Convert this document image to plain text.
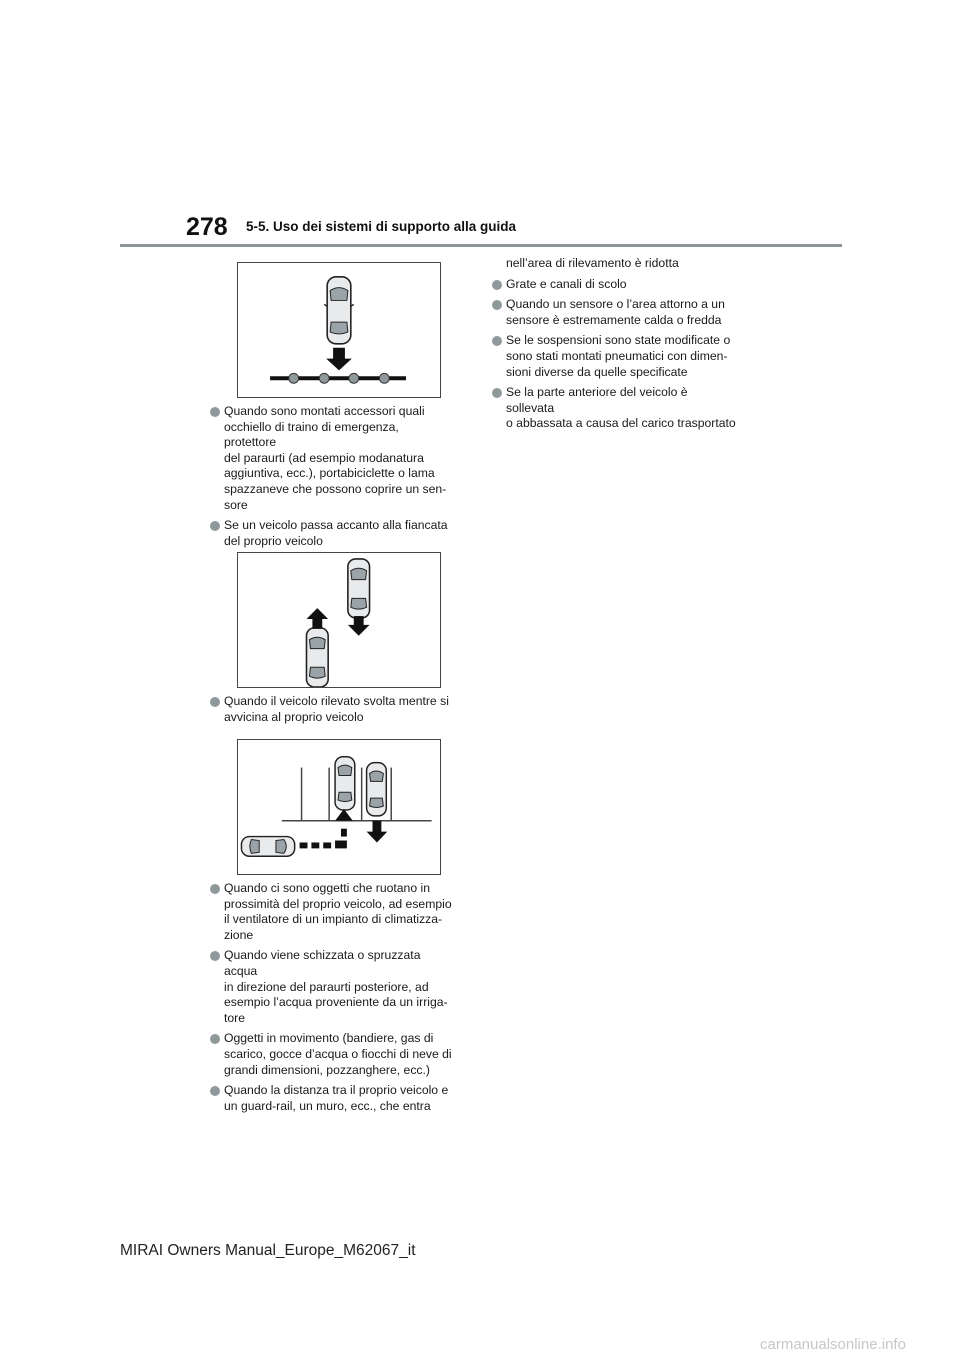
278 5-5. Uso dei sistemi di supporto alla guida
Quando sono montati accessori quali
occhiello di traino di emergenza, protettore
del paraurti (ad esempio modanatura
aggiuntiva, ecc.), portabiciclette o lama
spazzaneve che possono coprire un sen-
sore
Se un veicolo passa accanto alla fiancata
del proprio veicolo
Quando il veicolo rilevato svolta mentre si
avvicina al proprio veicolo
Quando ci sono oggetti che ruotano in
prossimità del proprio veicolo, ad esempio
il ventilatore di un impianto di climatizza-
zione
Quando viene schizzata o spruzzata acqua
in direzione del paraurti posteriore, ad
esempio l’acqua proveniente da un irriga-
tore
Oggetti in movimento (bandiere, gas di
scarico, gocce d’acqua o fiocchi di neve di
grandi dimensioni, pozzanghere, ecc.)
Quando la distanza tra il proprio veicolo e
un guard-rail, un muro, ecc., che entra
nell’area di rilevamento è ridotta
Grate e canali di scolo
Quando un sensore o l’area attorno a un
sensore è estremamente calda o fredda
Se le sospensioni sono state modificate o
sono stati montati pneumatici con dimen-
sioni diverse da quelle specificate
Se la parte anteriore del veicolo è sollevata
o abbassata a causa del carico trasportato
MIRAI Owners Manual_Europe_M62067_it
carmanualsonline.info
